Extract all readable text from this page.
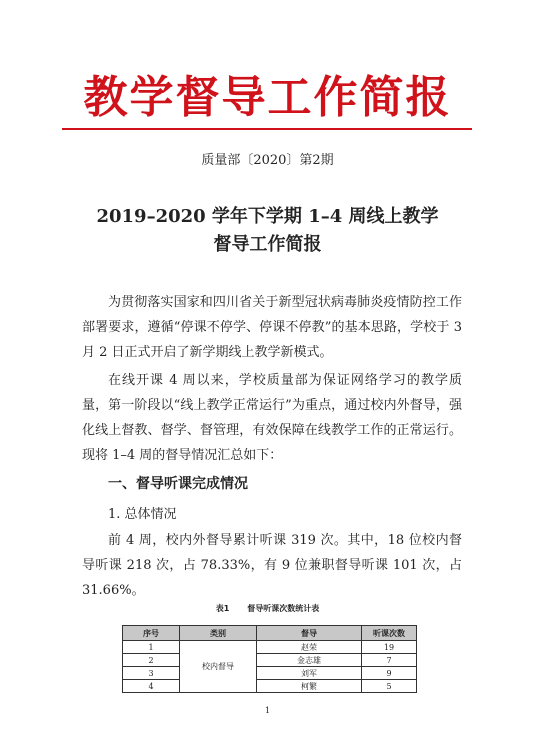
教学督导工作简报
质量部〔2020〕第2期
2019–2020 学年下学期 1–4 周线上教学
督导工作简报

为贯彻落实国家和四川省关于新型冠状病毒肺炎疫情防控工作部署要求，遵循“停课不停学、停课不停教”的基本思路，学校于 3 月 2 日正式开启了新学期线上教学新模式。

在线开课 4 周以来，学校质量部为保证网络学习的教学质量，第一阶段以“线上教学正常运行”为重点，通过校内外督导，强化线上督教、督学、督管理，有效保障在线教学工作的正常运行。现将 1–4 周的督导情况汇总如下：

一、督导听课完成情况
1. 总体情况

前 4 周，校内外督导累计听课 319 次。其中，18 位校内督导听课 218 次，占 78.33%，有 9 位兼职督导听课 101 次，占 31.66%。

表1 督导听课次数统计表
序号	类别	督导	听课次数
1	校内督导	赵荣	19
2		金志雄	7
3		刘军	9
4		柯繁	5
1
